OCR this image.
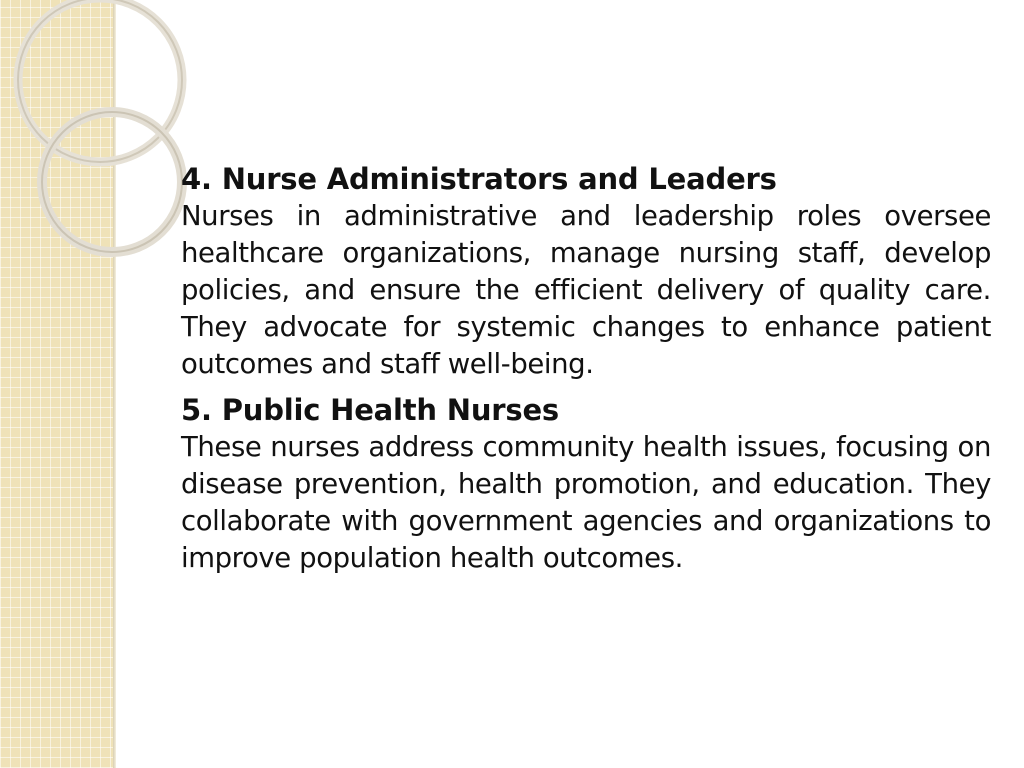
4. Nurse Administrators and Leaders

Nurses in administrative and leadership roles oversee healthcare organizations, manage nursing staff, develop policies, and ensure the efficient delivery of quality care. They advocate for systemic changes to enhance patient outcomes and staff well-being.

5. Public Health Nurses

These nurses address community health issues, focusing on disease prevention, health promotion, and education. They collaborate with government agencies and organizations to improve population health outcomes.
